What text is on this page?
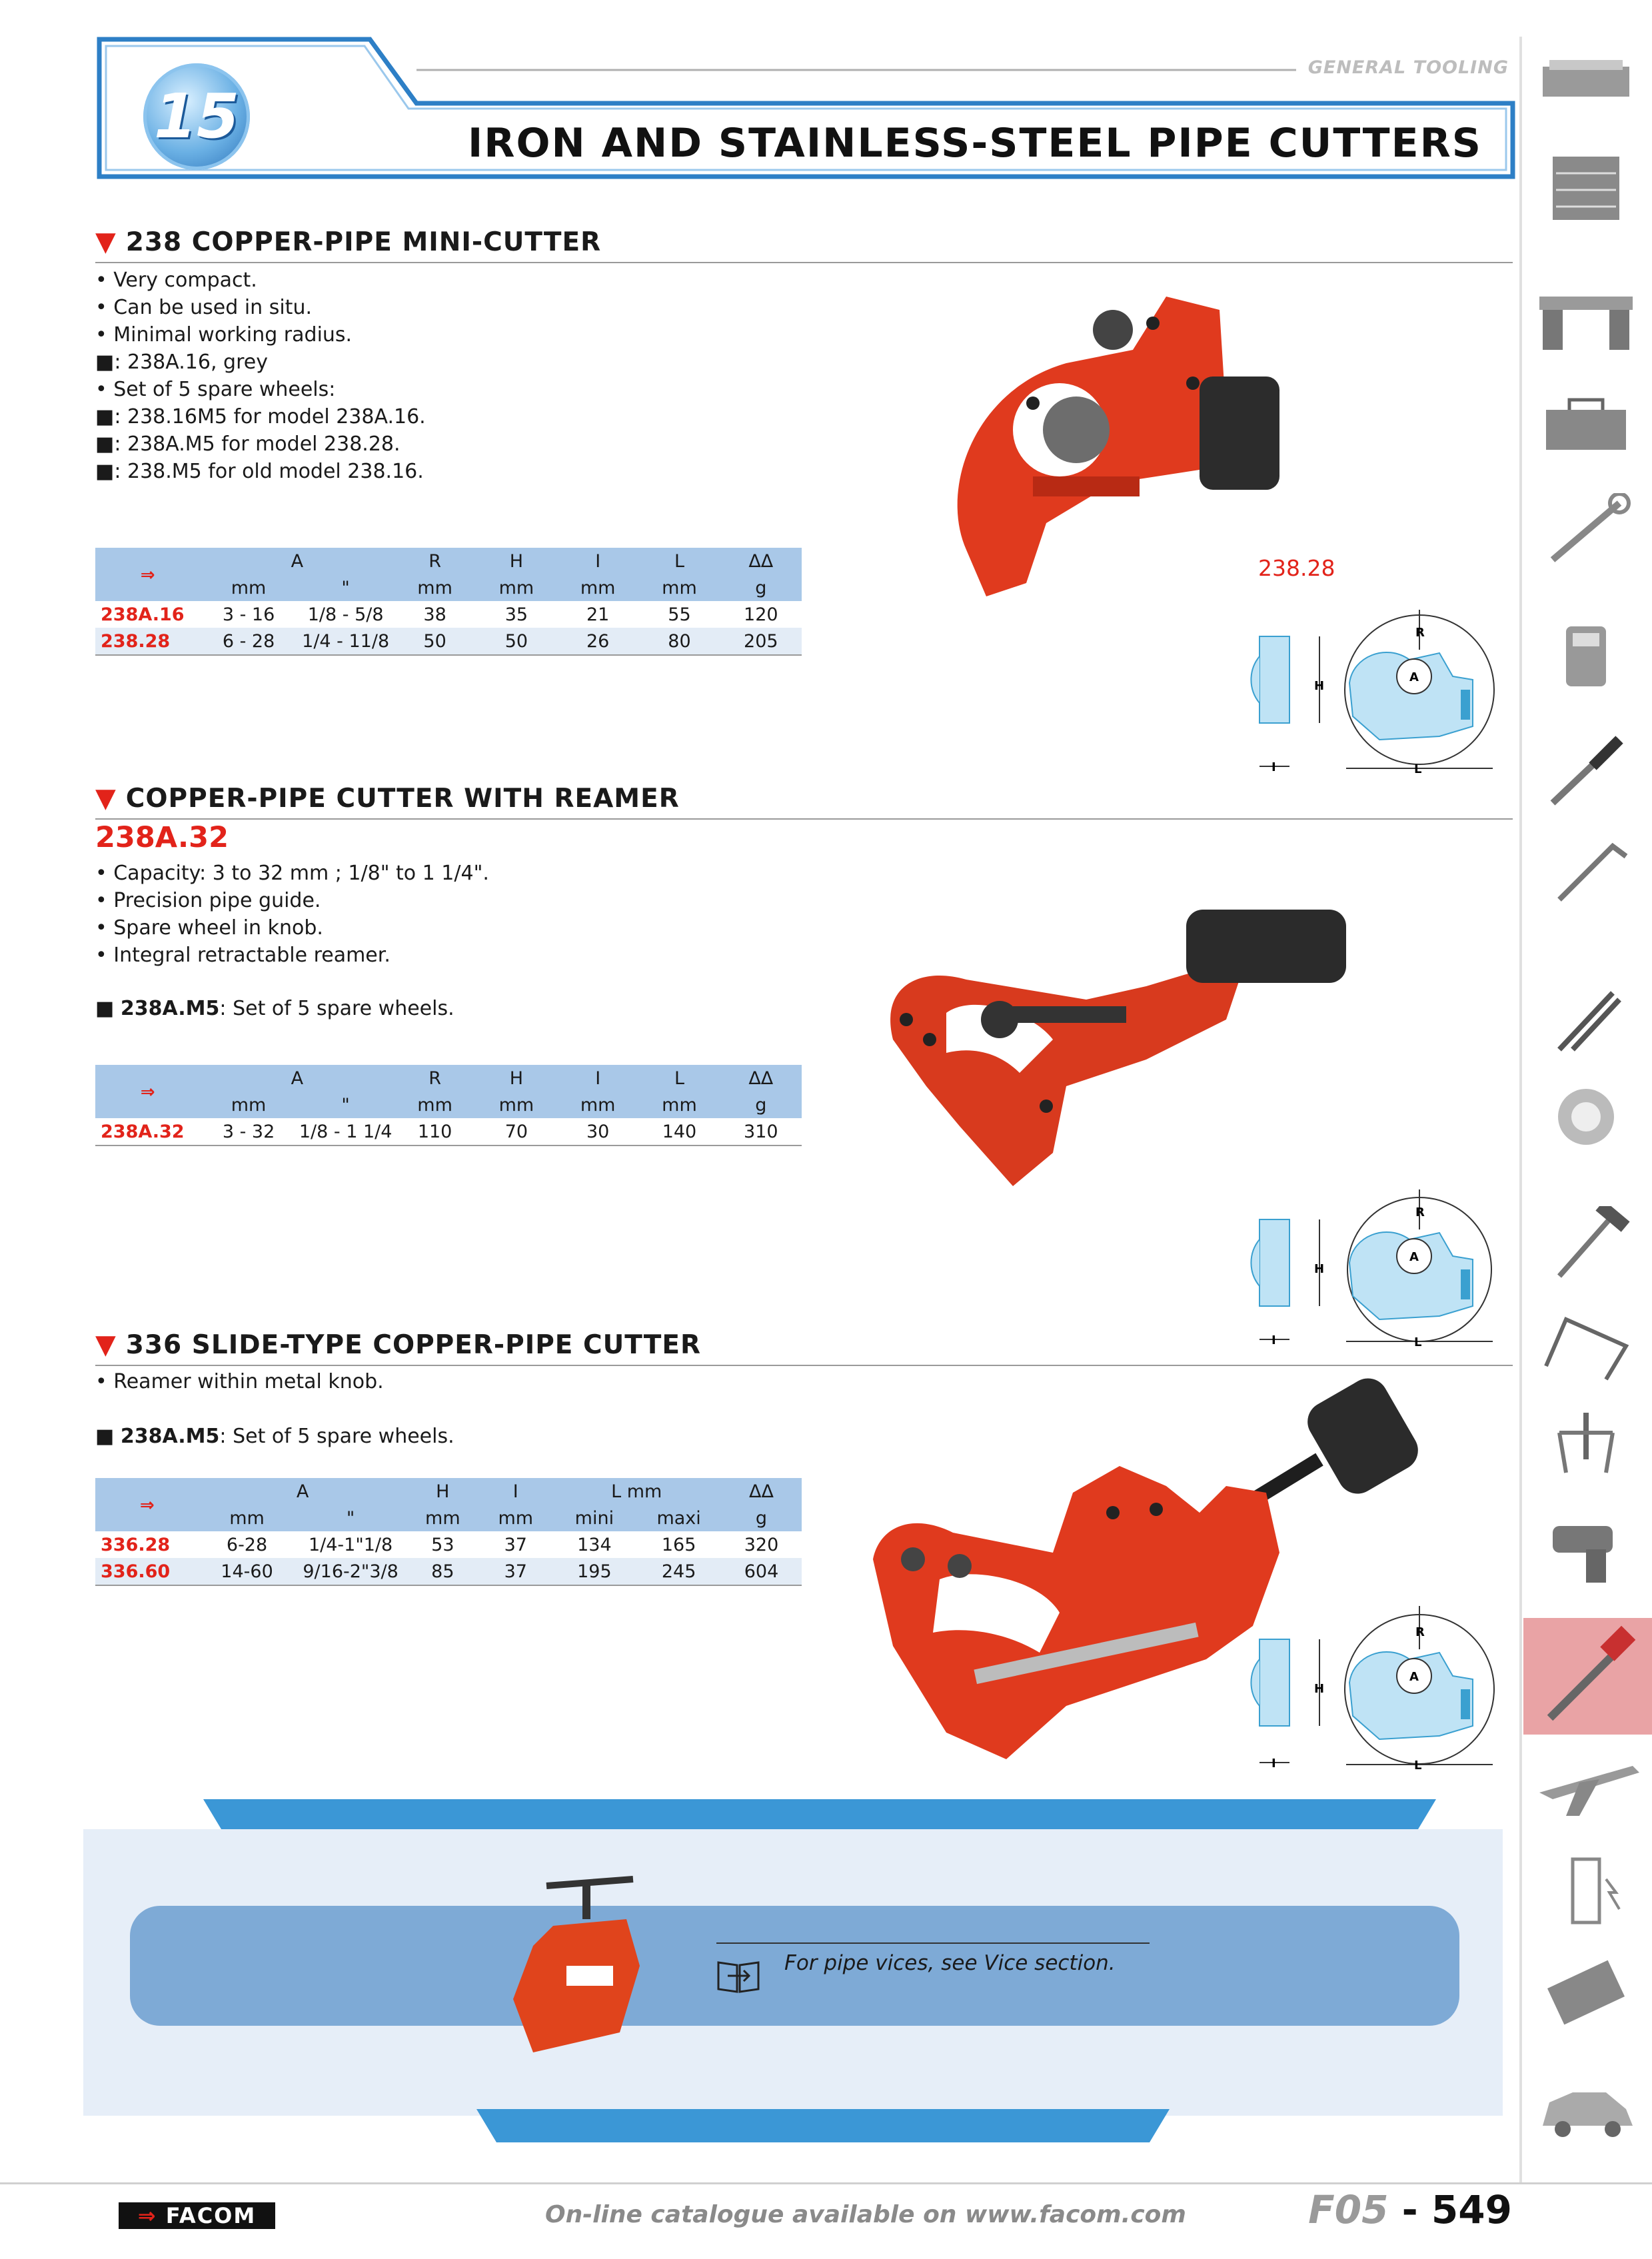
15
GENERAL TOOLING
IRON AND STAINLESS-STEEL PIPE CUTTERS
▼ 238 COPPER-PIPE MINI-CUTTER
• Very compact.
• Can be used in situ.
• Minimal working radius.
■: 238A.16, grey
• Set of 5 spare wheels:
■: 238.16M5 for model 238A.16.
■: 238A.M5 for model 238.28.
■: 238.M5 for old model 238.16.
⇒	A		R	H	I	L	ΔΔ
	mm	"	mm	mm	mm	mm	g
238A.16	3 - 16	1/8 - 5/8	38	35	21	55	120
238.28	6 - 28	1/4 - 11/8	50	50	26	80	205
238.28
H
I
A
R
L
▼ COPPER-PIPE CUTTER WITH REAMER
238A.32
• Capacity: 3 to 32 mm ; 1/8" to 1 1/4".
• Precision pipe guide.
• Spare wheel in knob.
• Integral retractable reamer.
■ 238A.M5: Set of 5 spare wheels.
⇒	A		R	H	I	L	ΔΔ
	mm	"	mm	mm	mm	mm	g
238A.32	3 - 32	1/8 - 1 1/4	110	70	30	140	310
H
I
A
R
L
▼ 336 SLIDE-TYPE COPPER-PIPE CUTTER
• Reamer within metal knob.
■ 238A.M5: Set of 5 spare wheels.
⇒	A		H	I	L mm		ΔΔ
	mm	"	mm	mm	mini	maxi	g
336.28	6-28	1/4-1"1/8	53	37	134	165	320
336.60	14-60	9/16-2"3/8	85	37	195	245	604
H
I
A
R
L
For pipe vices, see Vice section.
⇒ FACOM	On-line catalogue available on www.facom.com	F05 - 549
